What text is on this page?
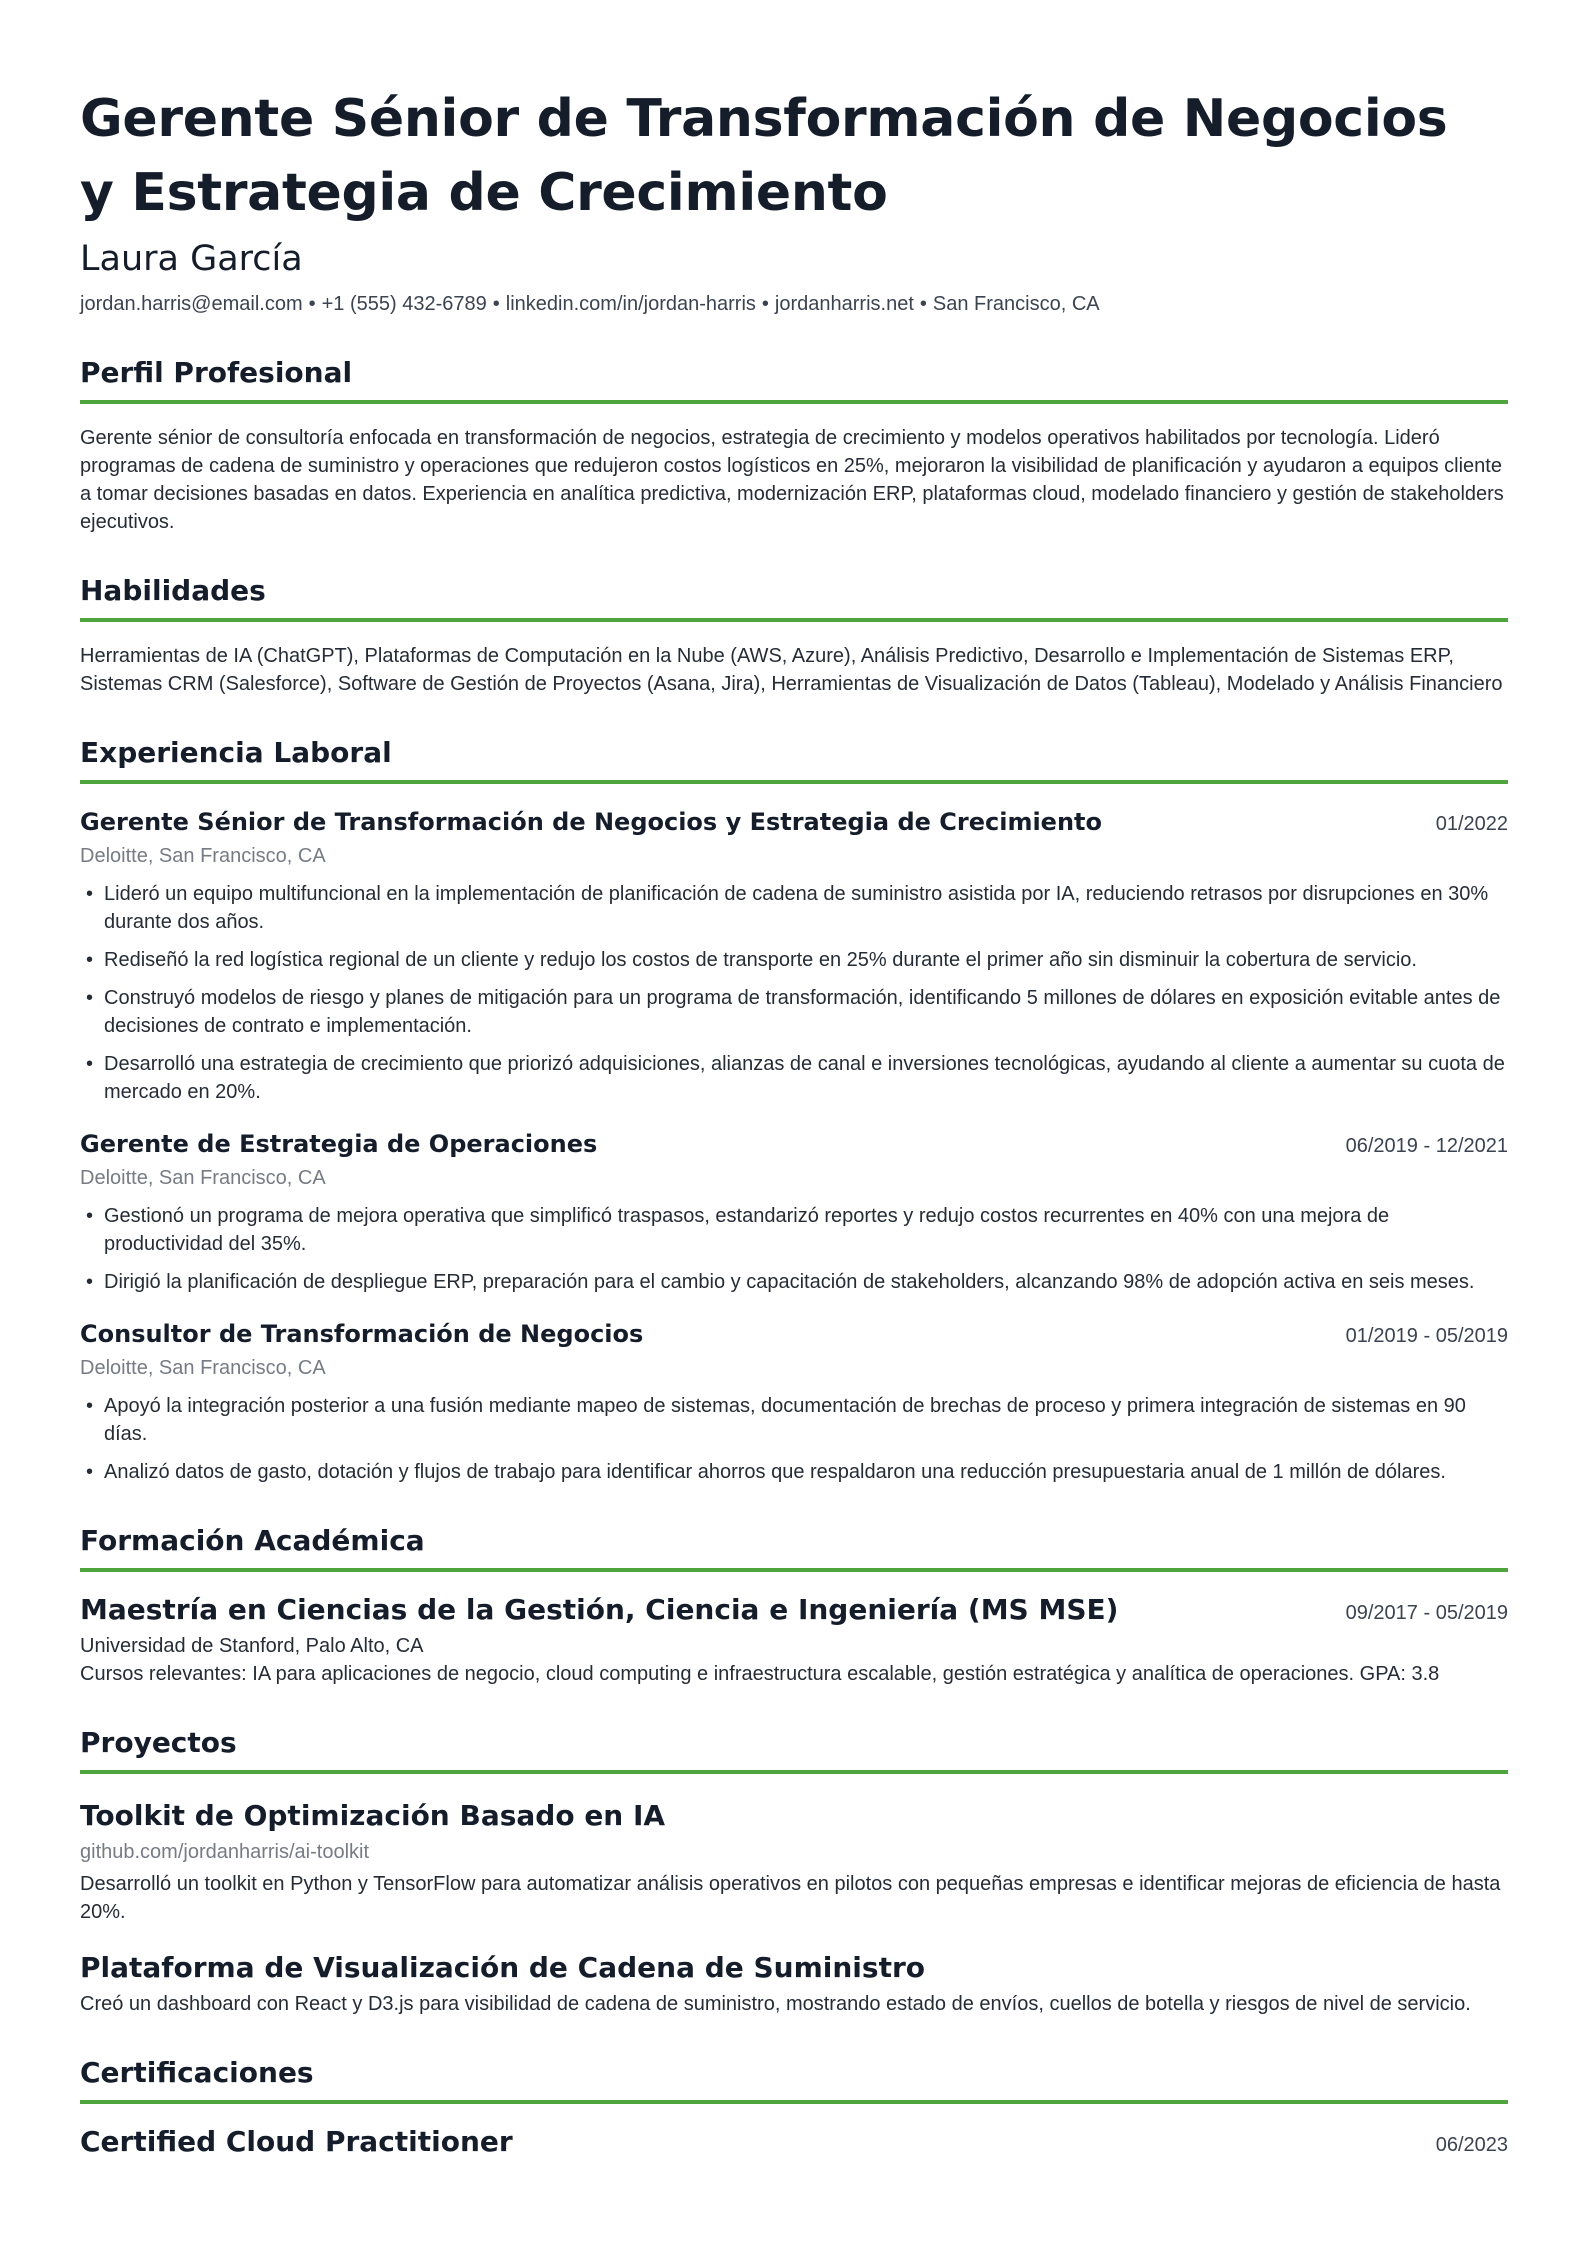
Gerente Sénior de Transformación de Negocios y Estrategia de Crecimiento
Laura García
jordan.harris@email.com • +1 (555) 432-6789 • linkedin.com/in/jordan-harris • jordanharris.net • San Francisco, CA
Perfil Profesional

Gerente sénior de consultoría enfocada en transformación de negocios, estrategia de crecimiento y modelos operativos habilitados por tecnología. Lideró programas de cadena de suministro y operaciones que redujeron costos logísticos en 25%, mejoraron la visibilidad de planificación y ayudaron a equipos cliente a tomar decisiones basadas en datos. Experiencia en analítica predictiva, modernización ERP, plataformas cloud, modelado financiero y gestión de stakeholders ejecutivos.

Habilidades

Herramientas de IA (ChatGPT), Plataformas de Computación en la Nube (AWS, Azure), Análisis Predictivo, Desarrollo e Implementación de Sistemas ERP, Sistemas CRM (Salesforce), Software de Gestión de Proyectos (Asana, Jira), Herramientas de Visualización de Datos (Tableau), Modelado y Análisis Financiero

Experiencia Laboral
Gerente Sénior de Transformación de Negocios y Estrategia de Crecimiento	01/2022
Deloitte, San Francisco, CA
• Lideró un equipo multifuncional en la implementación de planificación de cadena de suministro asistida por IA, reduciendo retrasos por disrupciones en 30% durante dos años.
• Rediseñó la red logística regional de un cliente y redujo los costos de transporte en 25% durante el primer año sin disminuir la cobertura de servicio.
• Construyó modelos de riesgo y planes de mitigación para un programa de transformación, identificando 5 millones de dólares en exposición evitable antes de decisiones de contrato e implementación.
• Desarrolló una estrategia de crecimiento que priorizó adquisiciones, alianzas de canal e inversiones tecnológicas, ayudando al cliente a aumentar su cuota de mercado en 20%.
Gerente de Estrategia de Operaciones	06/2019 - 12/2021
Deloitte, San Francisco, CA
• Gestionó un programa de mejora operativa que simplificó traspasos, estandarizó reportes y redujo costos recurrentes en 40% con una mejora de productividad del 35%.
• Dirigió la planificación de despliegue ERP, preparación para el cambio y capacitación de stakeholders, alcanzando 98% de adopción activa en seis meses.
Consultor de Transformación de Negocios	01/2019 - 05/2019
Deloitte, San Francisco, CA
• Apoyó la integración posterior a una fusión mediante mapeo de sistemas, documentación de brechas de proceso y primera integración de sistemas en 90 días.
• Analizó datos de gasto, dotación y flujos de trabajo para identificar ahorros que respaldaron una reducción presupuestaria anual de 1 millón de dólares.
Formación Académica
Maestría en Ciencias de la Gestión, Ciencia e Ingeniería (MS MSE)	09/2017 - 05/2019
Universidad de Stanford, Palo Alto, CA
Cursos relevantes: IA para aplicaciones de negocio, cloud computing e infraestructura escalable, gestión estratégica y analítica de operaciones. GPA: 3.8
Proyectos
Toolkit de Optimización Basado en IA
github.com/jordanharris/ai-toolkit
Desarrolló un toolkit en Python y TensorFlow para automatizar análisis operativos en pilotos con pequeñas empresas e identificar mejoras de eficiencia de hasta 20%.
Plataforma de Visualización de Cadena de Suministro
Creó un dashboard con React y D3.js para visibilidad de cadena de suministro, mostrando estado de envíos, cuellos de botella y riesgos de nivel de servicio.
Certificaciones
Certified Cloud Practitioner	06/2023
